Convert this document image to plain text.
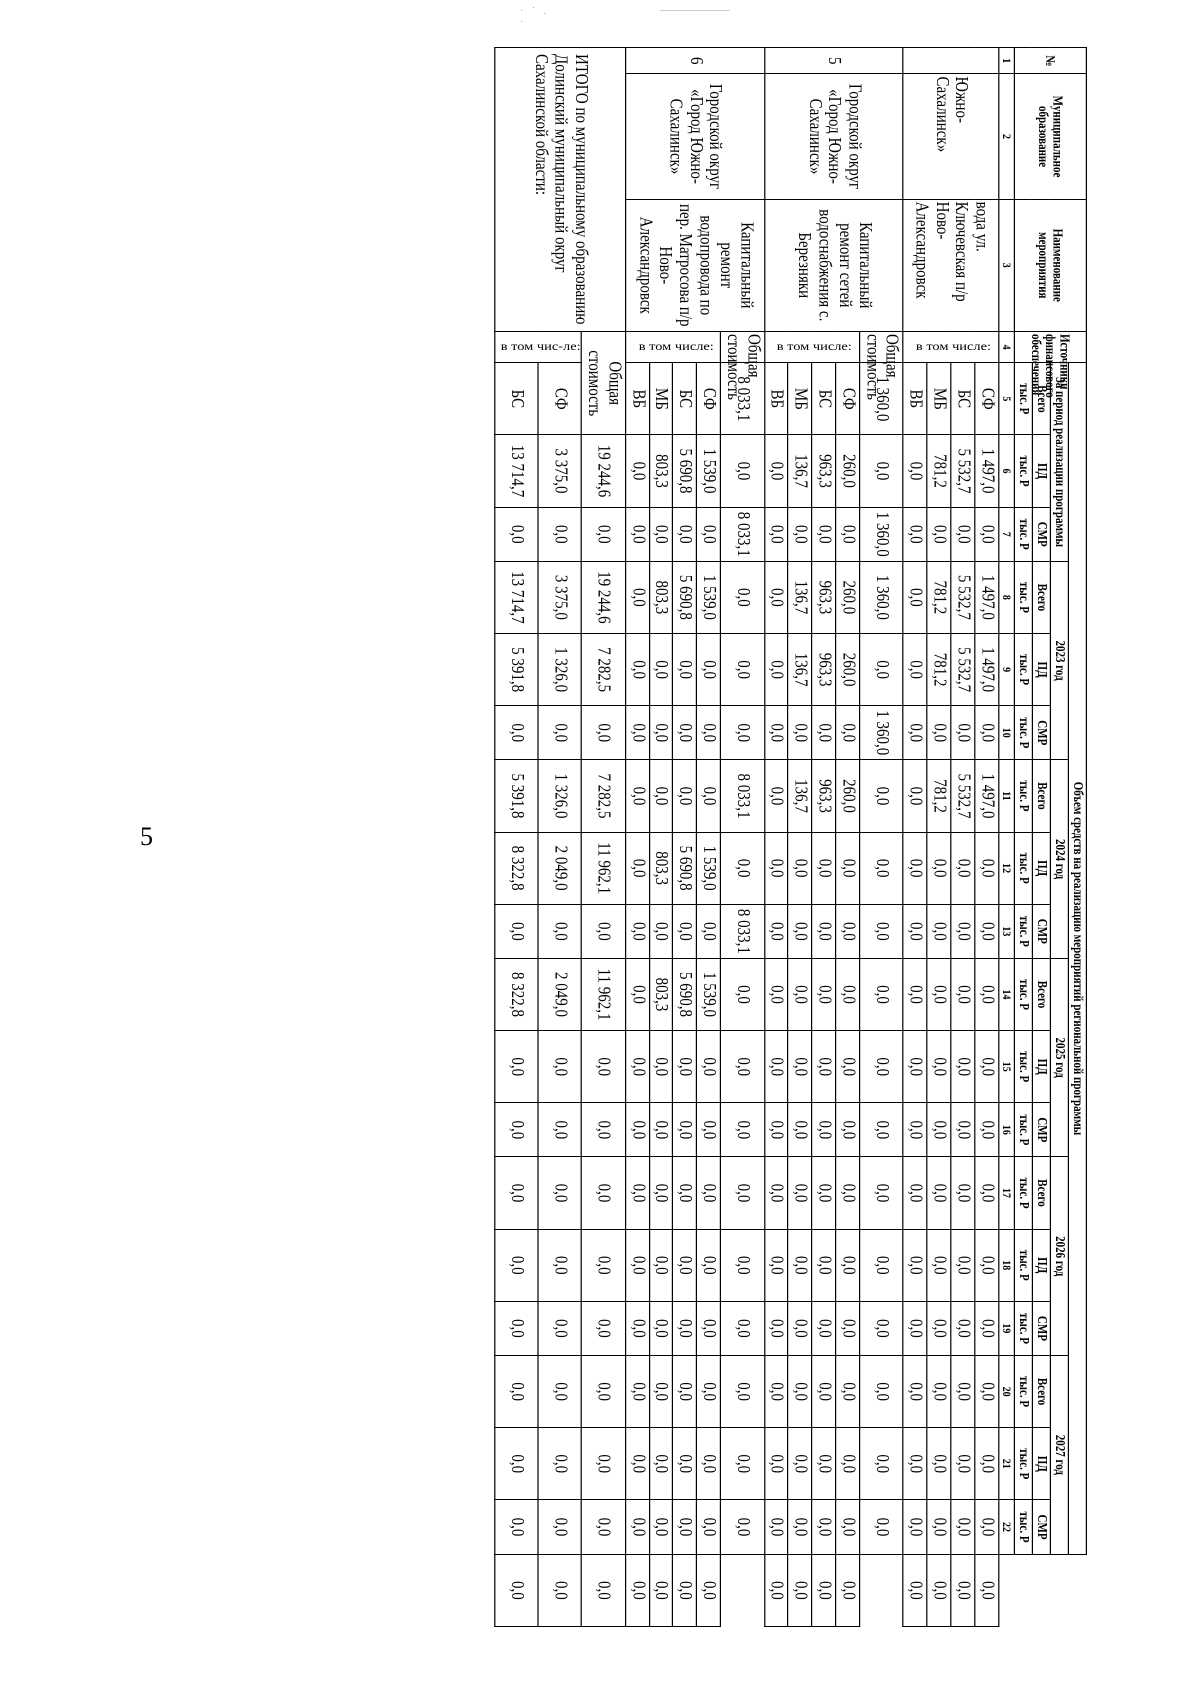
5
· ˙ . ·
№	Муниципальное образование	Наименование мероприятия	Источники финансового обеспечения	Объем средств на реализацию мероприятий региональной программы																		
				За период реализации программы			2023 год			2024 год			2025 год			2026 год			2027 год			
				Всего	ПД	СМР	Всего	ПД	СМР	Всего	ПД	СМР	Всего	ПД	СМР	Всего	ПД	СМР	Всего	ПД	СМР	
				тыс. Р	тыс. Р	тыс. Р	тыс. Р	тыс. Р	тыс. Р	тыс. Р	тыс. Р	тыс. Р	тыс. Р	тыс. Р	тыс. Р	тыс. Р	тыс. Р	тыс. Р	тыс. Р	тыс. Р	тыс. Р	
1	2	3	4	5	6	7	8	9	10	11	12	13	14	15	16	17	18	19	20	21	22	
	Южно-Сахалинск»	вода ул. Ключевская п/р Ново-Александровск	в том числе:	СФ	1 497,0	0,0	1 497,0	1 497,0	0,0	1 497,0	0,0	0,0	0,0	0,0	0,0	0,0	0,0	0,0	0,0	0,0	0,0	0,0
				БС	5 532,7	0,0	5 532,7	5 532,7	0,0	5 532,7	0,0	0,0	0,0	0,0	0,0	0,0	0,0	0,0	0,0	0,0	0,0	0,0
				МБ	781,2	0,0	781,2	781,2	0,0	781,2	0,0	0,0	0,0	0,0	0,0	0,0	0,0	0,0	0,0	0,0	0,0	0,0
				ВБ	0,0	0,0	0,0	0,0	0,0	0,0	0,0	0,0	0,0	0,0	0,0	0,0	0,0	0,0	0,0	0,0	0,0	0,0
5	Городской округ «Город Южно-Сахалинск»	Капитальный ремонт сетей водоснабжения с. Березняки	Общая стоимость	1 360,0	0,0	1 360,0	1 360,0	0,0	1 360,0	0,0	0,0	0,0	0,0	0,0	0,0	0,0	0,0	0,0	0,0	0,0	0,0	
			в том числе:	СФ	260,0	0,0	260,0	260,0	0,0	260,0	0,0	0,0	0,0	0,0	0,0	0,0	0,0	0,0	0,0	0,0	0,0	0,0
				БС	963,3	0,0	963,3	963,3	0,0	963,3	0,0	0,0	0,0	0,0	0,0	0,0	0,0	0,0	0,0	0,0	0,0	0,0
				МБ	136,7	0,0	136,7	136,7	0,0	136,7	0,0	0,0	0,0	0,0	0,0	0,0	0,0	0,0	0,0	0,0	0,0	0,0
				ВБ	0,0	0,0	0,0	0,0	0,0	0,0	0,0	0,0	0,0	0,0	0,0	0,0	0,0	0,0	0,0	0,0	0,0	0,0
6	Городской округ «Город Южно-Сахалинск»	Капитальный ремонт водопровода по пер. Матросова п/р Ново-Александровск	Общая стоимость	8 033,1	0,0	8 033,1	0,0	0,0	0,0	8 033,1	0,0	8 033,1	0,0	0,0	0,0	0,0	0,0	0,0	0,0	0,0	0,0	
			в том числе:	СФ	1 539,0	0,0	1 539,0	0,0	0,0	0,0	1 539,0	0,0	1 539,0	0,0	0,0	0,0	0,0	0,0	0,0	0,0	0,0	0,0
				БС	5 690,8	0,0	5 690,8	0,0	0,0	0,0	5 690,8	0,0	5 690,8	0,0	0,0	0,0	0,0	0,0	0,0	0,0	0,0	0,0
				МБ	803,3	0,0	803,3	0,0	0,0	0,0	803,3	0,0	803,3	0,0	0,0	0,0	0,0	0,0	0,0	0,0	0,0	0,0
				ВБ	0,0	0,0	0,0	0,0	0,0	0,0	0,0	0,0	0,0	0,0	0,0	0,0	0,0	0,0	0,0	0,0	0,0	0,0
ИТОГО по муниципальному образованию Долинский муниципальный округ Сахалинской области:			Общая стоимость		19 244,6	0,0	19 244,6	7 282,5	0,0	7 282,5	11 962,1	0,0	11 962,1	0,0	0,0	0,0	0,0	0,0	0,0	0,0	0,0	0,0
			в том чис-ле:	СФ	3 375,0	0,0	3 375,0	1 326,0	0,0	1 326,0	2 049,0	0,0	2 049,0	0,0	0,0	0,0	0,0	0,0	0,0	0,0	0,0	0,0
				БС	13 714,7	0,0	13 714,7	5 391,8	0,0	5 391,8	8 322,8	0,0	8 322,8	0,0	0,0	0,0	0,0	0,0	0,0	0,0	0,0	0,0
